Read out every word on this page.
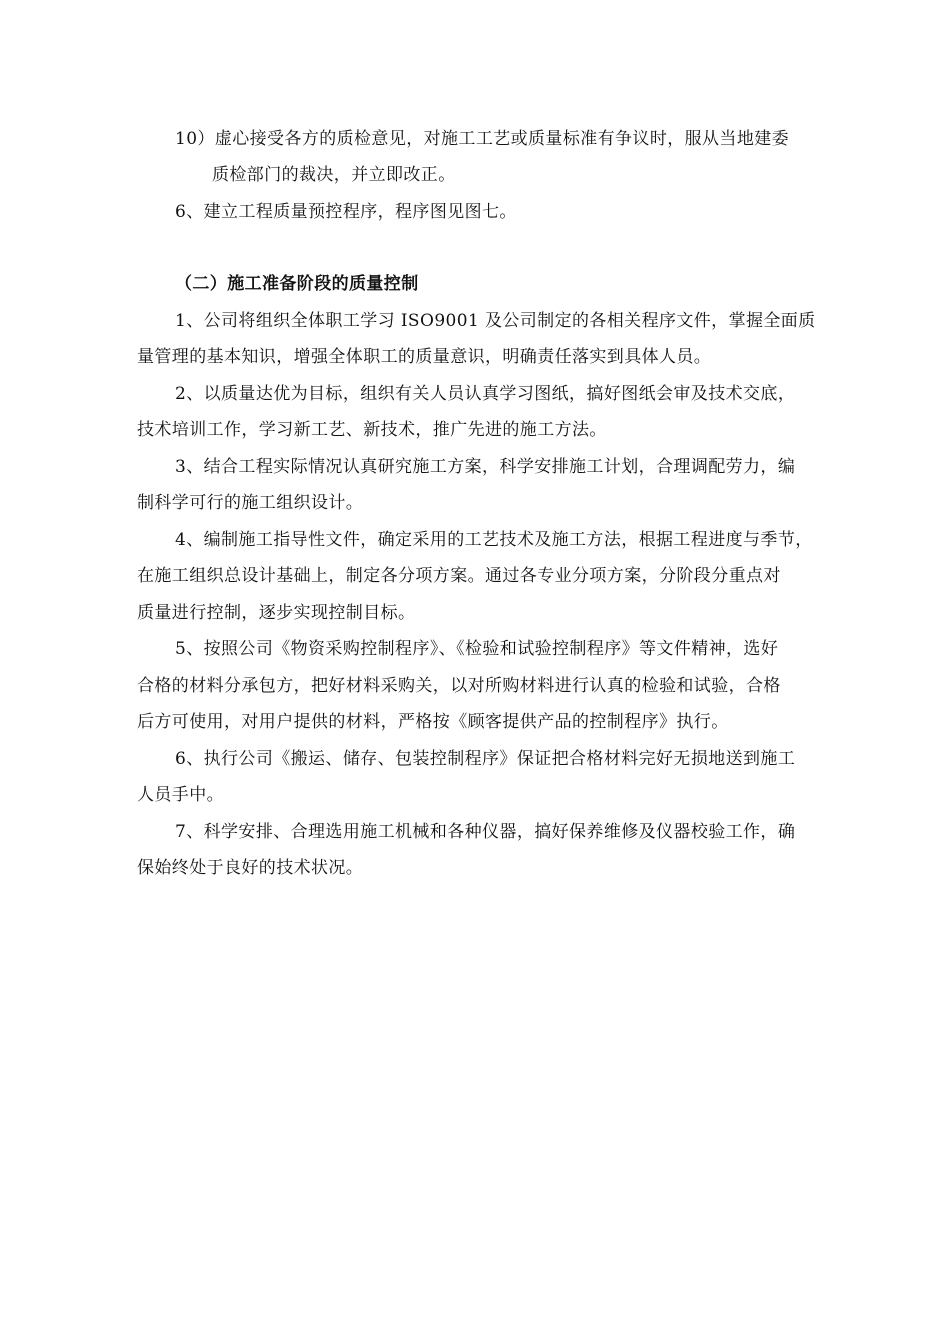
10）虚心接受各方的质检意见，对施工工艺或质量标准有争议时，服从当地建委
质检部门的裁决，并立即改正。
6、建立工程质量预控程序，程序图见图七。
（二）施工准备阶段的质量控制
1、公司将组织全体职工学习 ISO9001 及公司制定的各相关程序文件，掌握全面质
量管理的基本知识，增强全体职工的质量意识，明确责任落实到具体人员。
2、以质量达优为目标，组织有关人员认真学习图纸，搞好图纸会审及技术交底，
技术培训工作，学习新工艺、新技术，推广先进的施工方法。
3、结合工程实际情况认真研究施工方案，科学安排施工计划，合理调配劳力，编
制科学可行的施工组织设计。
4、编制施工指导性文件，确定采用的工艺技术及施工方法，根据工程进度与季节，
在施工组织总设计基础上，制定各分项方案。通过各专业分项方案，分阶段分重点对
质量进行控制，逐步实现控制目标。
5、按照公司《物资采购控制程序》、《检验和试验控制程序》等文件精神，选好
合格的材料分承包方，把好材料采购关，以对所购材料进行认真的检验和试验，合格
后方可使用，对用户提供的材料，严格按《顾客提供产品的控制程序》执行。
6、执行公司《搬运、储存、包装控制程序》保证把合格材料完好无损地送到施工
人员手中。
7、科学安排、合理选用施工机械和各种仪器，搞好保养维修及仪器校验工作，确
保始终处于良好的技术状况。
